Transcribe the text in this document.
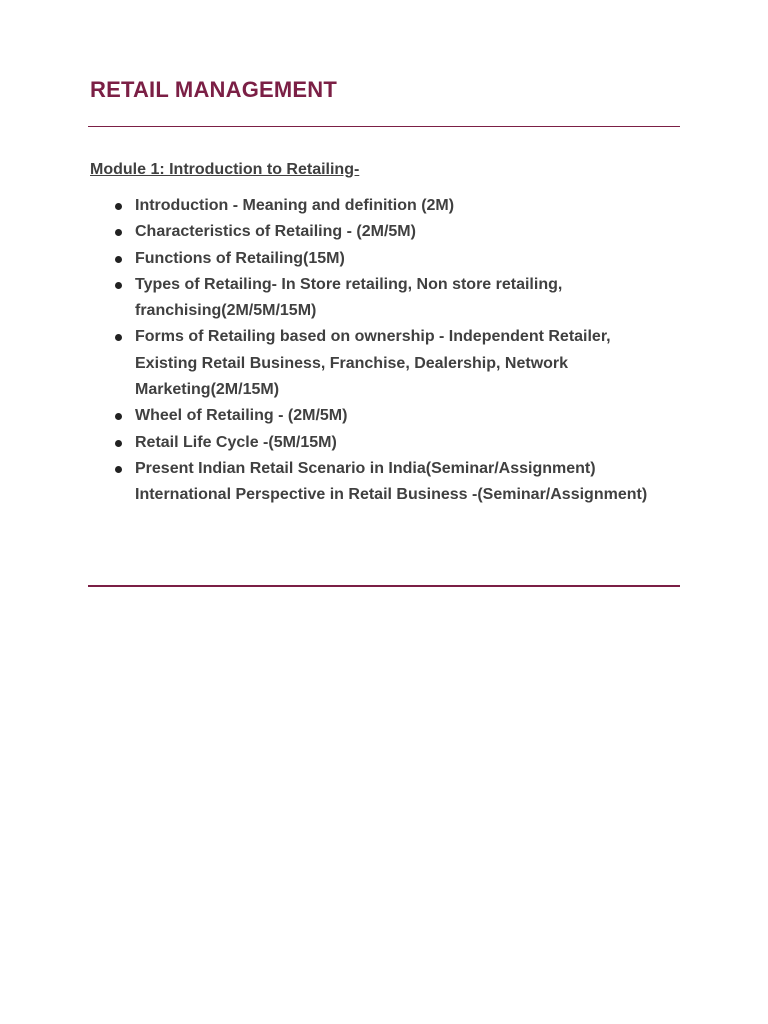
RETAIL MANAGEMENT
Module 1: Introduction to Retailing-
Introduction - Meaning and definition (2M)
Characteristics of Retailing - (2M/5M)
Functions of Retailing(15M)
Types of Retailing- In Store retailing, Non store retailing,
franchising(2M/5M/15M)
Forms of Retailing based on ownership - Independent Retailer,
Existing Retail Business, Franchise, Dealership, Network
Marketing(2M/15M)
Wheel of Retailing - (2M/5M)
Retail Life Cycle -(5M/15M)
Present Indian Retail Scenario in India(Seminar/Assignment)
International Perspective in Retail Business -(Seminar/Assignment)
